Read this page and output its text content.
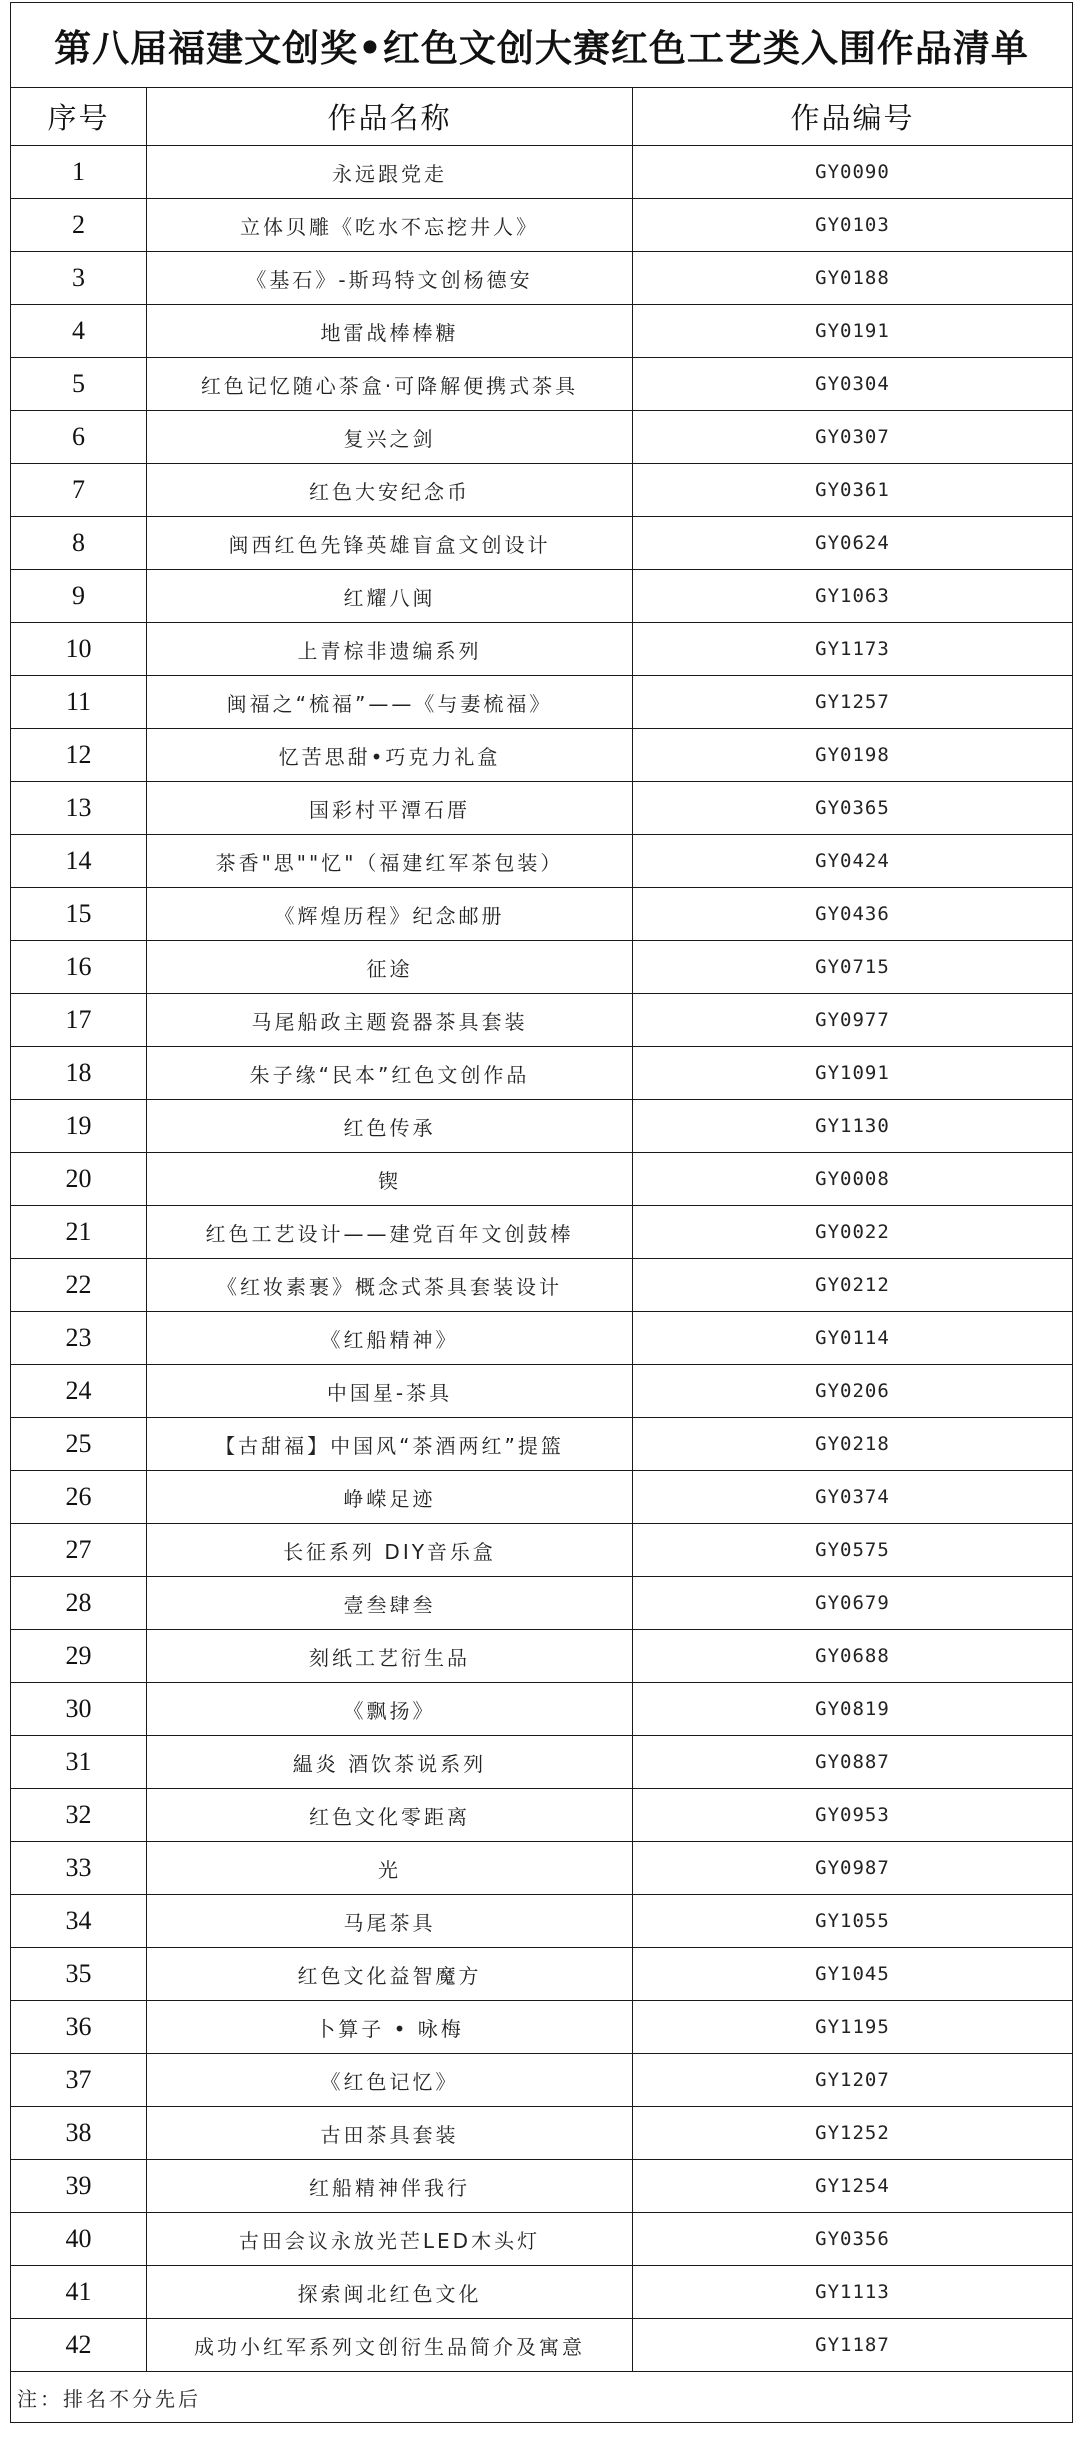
第八届福建文创奖•红色文创大赛红色工艺类入围作品清单		
序号	作品名称	作品编号
1	永远跟党走	GY0090
2	立体贝雕《吃水不忘挖井人》	GY0103
3	《基石》-斯玛特文创杨德安	GY0188
4	地雷战棒棒糖	GY0191
5	红色记忆随心茶盒·可降解便携式茶具	GY0304
6	复兴之剑	GY0307
7	红色大安纪念币	GY0361
8	闽西红色先锋英雄盲盒文创设计	GY0624
9	红耀八闽	GY1063
10	上青棕非遗编系列	GY1173
11	闽福之“梳福”——《与妻梳福》	GY1257
12	忆苦思甜•巧克力礼盒	GY0198
13	国彩村平潭石厝	GY0365
14	茶香"思""忆"（福建红军茶包装）	GY0424
15	《辉煌历程》纪念邮册	GY0436
16	征途	GY0715
17	马尾船政主题瓷器茶具套装	GY0977
18	朱子缘“民本”红色文创作品	GY1091
19	红色传承	GY1130
20	锲	GY0008
21	红色工艺设计——建党百年文创鼓棒	GY0022
22	《红妆素裹》概念式茶具套装设计	GY0212
23	《红船精神》	GY0114
24	中国星-茶具	GY0206
25	【古甜福】中国风“茶酒两红”提篮	GY0218
26	峥嵘足迹	GY0374
27	长征系列 DIY音乐盒	GY0575
28	壹叁肆叁	GY0679
29	刻纸工艺衍生品	GY0688
30	《飘扬》	GY0819
31	緼炎 酒饮茶说系列	GY0887
32	红色文化零距离	GY0953
33	光	GY0987
34	马尾茶具	GY1055
35	红色文化益智魔方	GY1045
36	卜算子 • 咏梅	GY1195
37	《红色记忆》	GY1207
38	古田茶具套装	GY1252
39	红船精神伴我行	GY1254
40	古田会议永放光芒LED木头灯	GY0356
41	探索闽北红色文化	GY1113
42	成功小红军系列文创衍生品简介及寓意	GY1187
注：排名不分先后		
